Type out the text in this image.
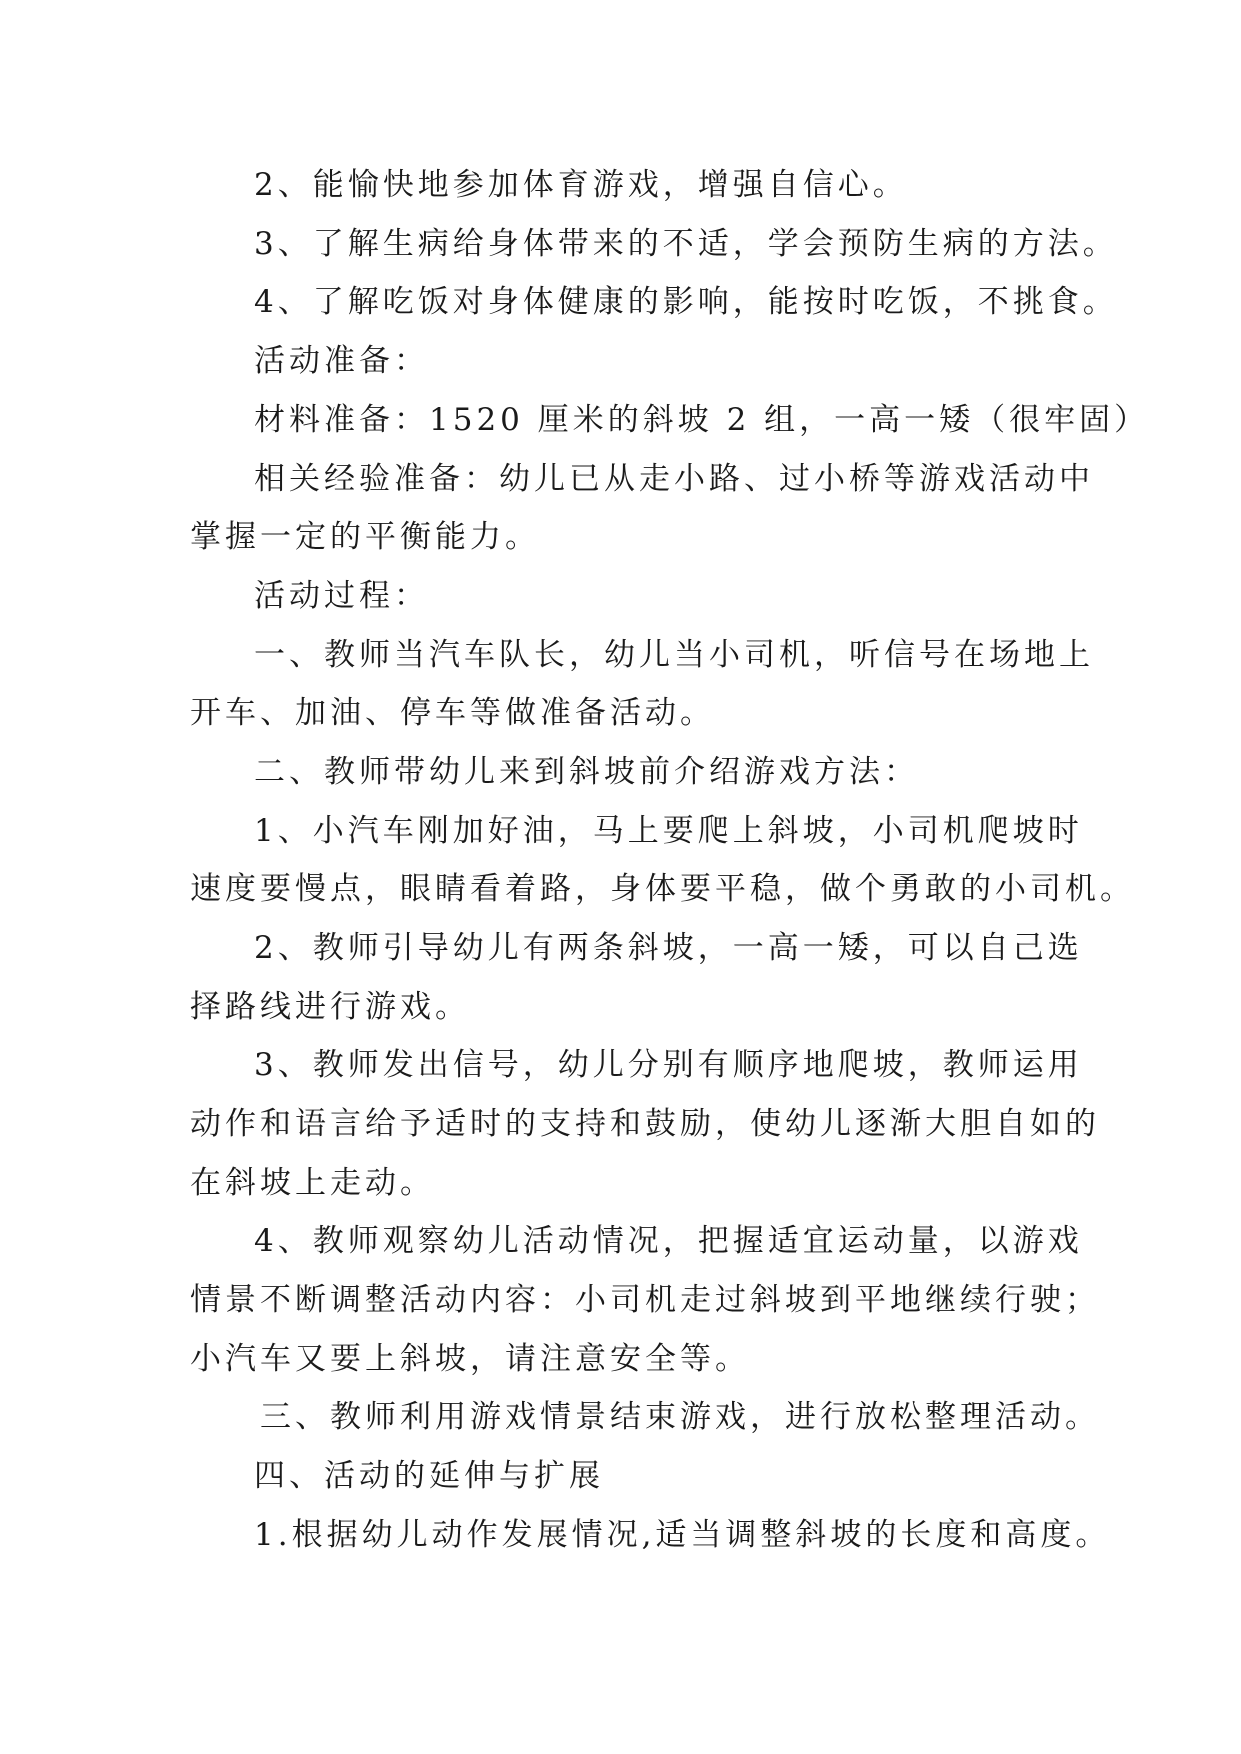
2、能愉快地参加体育游戏，增强自信心。
3、了解生病给身体带来的不适，学会预防生病的方法。
4、了解吃饭对身体健康的影响，能按时吃饭，不挑食。
活动准备：
材料准备：1520 厘米的斜坡 2 组，一高一矮（很牢固）
相关经验准备：幼儿已从走小路、过小桥等游戏活动中
掌握一定的平衡能力。
活动过程：
一、教师当汽车队长，幼儿当小司机，听信号在场地上
开车、加油、停车等做准备活动。
二、教师带幼儿来到斜坡前介绍游戏方法：
1、小汽车刚加好油，马上要爬上斜坡，小司机爬坡时
速度要慢点，眼睛看着路，身体要平稳，做个勇敢的小司机。
2、教师引导幼儿有两条斜坡，一高一矮，可以自己选
择路线进行游戏。
3、教师发出信号，幼儿分别有顺序地爬坡，教师运用
动作和语言给予适时的支持和鼓励，使幼儿逐渐大胆自如的
在斜坡上走动。
4、教师观察幼儿活动情况，把握适宜运动量，以游戏
情景不断调整活动内容：小司机走过斜坡到平地继续行驶；
小汽车又要上斜坡，请注意安全等。
三、教师利用游戏情景结束游戏，进行放松整理活动。
四、活动的延伸与扩展
1.根据幼儿动作发展情况,适当调整斜坡的长度和高度。
